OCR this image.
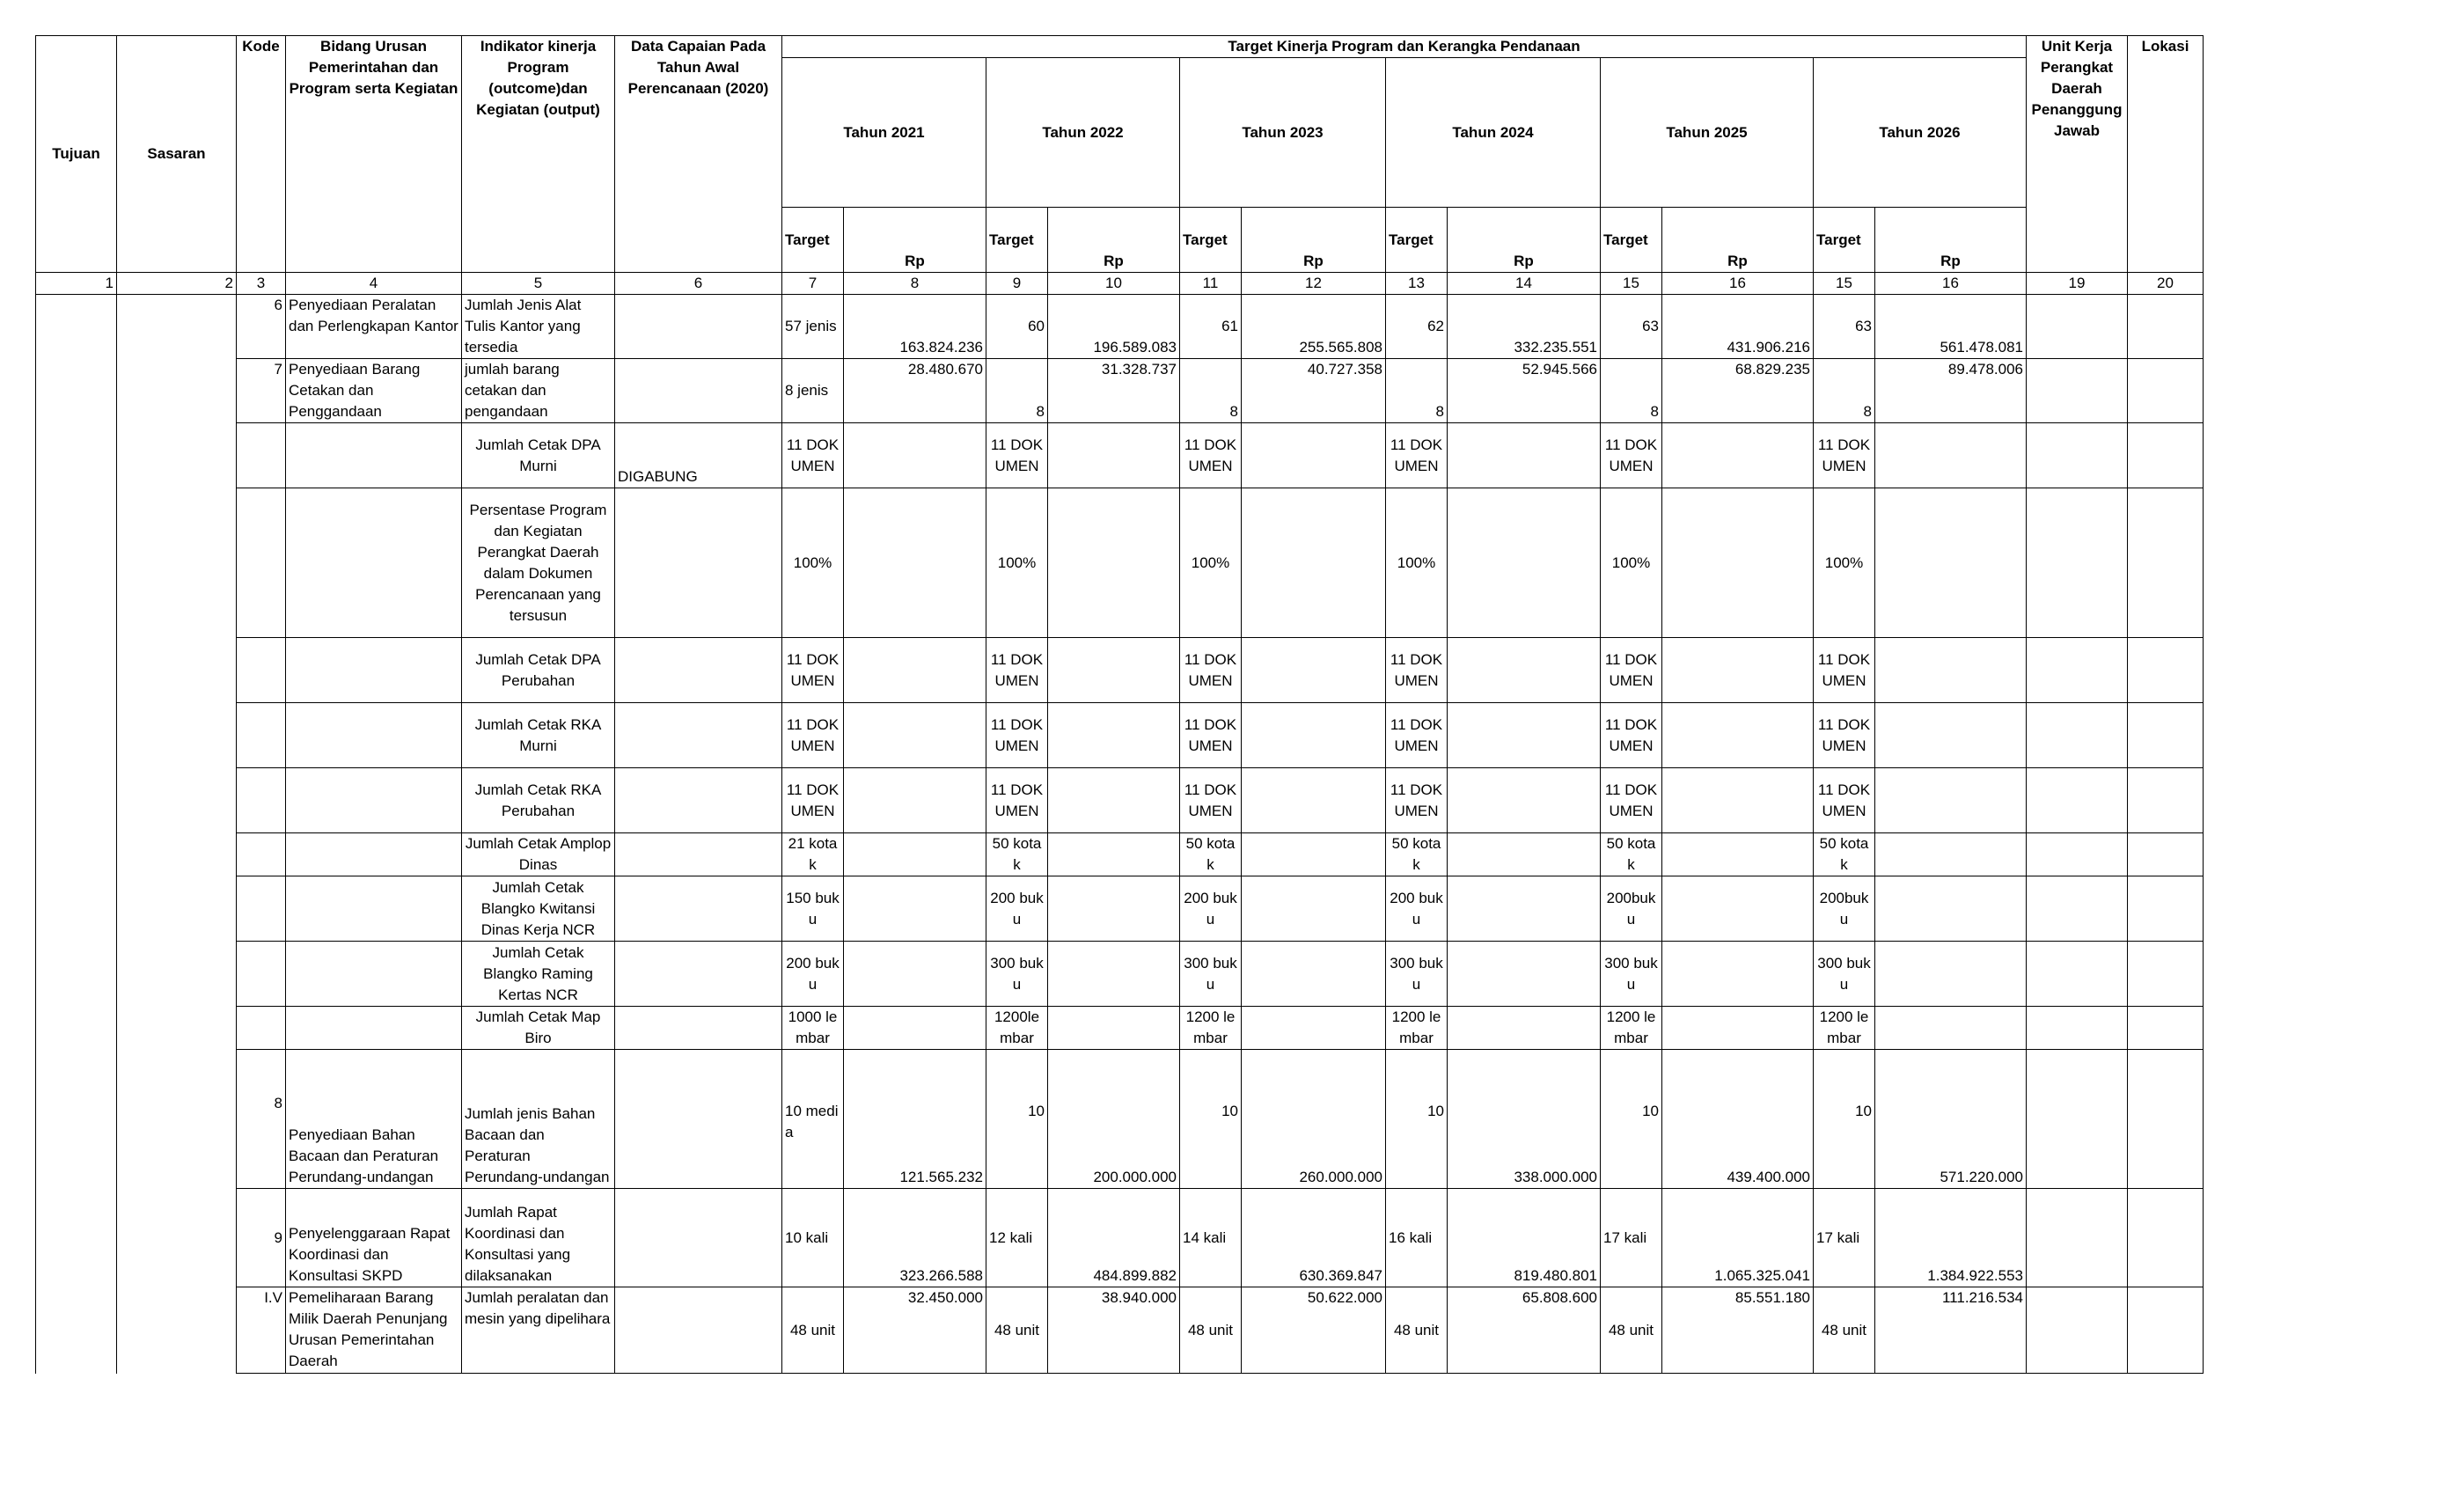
Tujuan	Sasaran	Kode	Bidang Urusan Pemerintahan dan Program serta Kegiatan	Indikator kinerja Program (outcome)dan Kegiatan (output)	Data Capaian Pada Tahun Awal Perencanaan (2020)	Target Kinerja Program dan Kerangka Pendanaan												Unit Kerja Perangkat Daerah Penanggung Jawab	Lokasi
						Tahun 2021		Tahun 2022		Tahun 2023		Tahun 2024		Tahun 2025		Tahun 2026			
						Target	Rp	Target	Rp	Target	Rp	Target	Rp	Target	Rp	Target	Rp		
1	2	3	4	5	6	7	8	9	10	11	12	13	14	15	16	15	16	19	20
		6	Penyediaan Peralatan dan Perlengkapan Kantor	Jumlah Jenis Alat Tulis Kantor yang tersedia		57 jenis	163.824.236	60	196.589.083	61	255.565.808	62	332.235.551	63	431.906.216	63	561.478.081		
		7	Penyediaan Barang Cetakan dan Penggandaan	jumlah barang cetakan dan pengandaan		8 jenis	28.480.670	8	31.328.737	8	40.727.358	8	52.945.566	8	68.829.235	8	89.478.006		
				Jumlah Cetak DPA Murni	DIGABUNG	11 DOKUMEN		11 DOKUMEN		11 DOKUMEN		11 DOKUMEN		11 DOKUMEN		11 DOKUMEN			
				Persentase Program dan Kegiatan Perangkat Daerah dalam Dokumen Perencanaan yang tersusun		100%		100%		100%		100%		100%		100%			
				Jumlah Cetak DPA Perubahan		11 DOKUMEN		11 DOKUMEN		11 DOKUMEN		11 DOKUMEN		11 DOKUMEN		11 DOKUMEN			
				Jumlah Cetak RKA Murni		11 DOKUMEN		11 DOKUMEN		11 DOKUMEN		11 DOKUMEN		11 DOKUMEN		11 DOKUMEN			
				Jumlah Cetak RKA Perubahan		11 DOKUMEN		11 DOKUMEN		11 DOKUMEN		11 DOKUMEN		11 DOKUMEN		11 DOKUMEN			
				Jumlah Cetak Amplop Dinas		21 kotak		50 kotak		50 kotak		50 kotak		50 kotak		50 kotak			
				Jumlah Cetak Blangko Kwitansi Dinas Kerja NCR		150 buku		200 buku		200 buku		200 buku		200buku		200buku			
				Jumlah Cetak Blangko Raming Kertas NCR		200 buku		300 buku		300 buku		300 buku		300 buku		300 buku			
				Jumlah Cetak Map Biro		1000 lembar		1200lembar		1200 lembar		1200 lembar		1200 lembar		1200 lembar			
		8	Penyediaan Bahan Bacaan dan Peraturan Perundang-undangan	Jumlah jenis Bahan Bacaan dan Peraturan Perundang-undangan		10 media	121.565.232	10	200.000.000	10	260.000.000	10	338.000.000	10	439.400.000	10	571.220.000		
		9	Penyelenggaraan Rapat Koordinasi dan Konsultasi SKPD	Jumlah Rapat Koordinasi dan Konsultasi yang dilaksanakan		10 kali	323.266.588	12 kali	484.899.882	14 kali	630.369.847	16 kali	819.480.801	17 kali	1.065.325.041	17 kali	1.384.922.553		
		I.V	Pemeliharaan Barang Milik Daerah Penunjang Urusan Pemerintahan Daerah	Jumlah peralatan dan mesin yang dipelihara		48 unit	32.450.000	48 unit	38.940.000	48 unit	50.622.000	48 unit	65.808.600	48 unit	85.551.180	48 unit	111.216.534		
